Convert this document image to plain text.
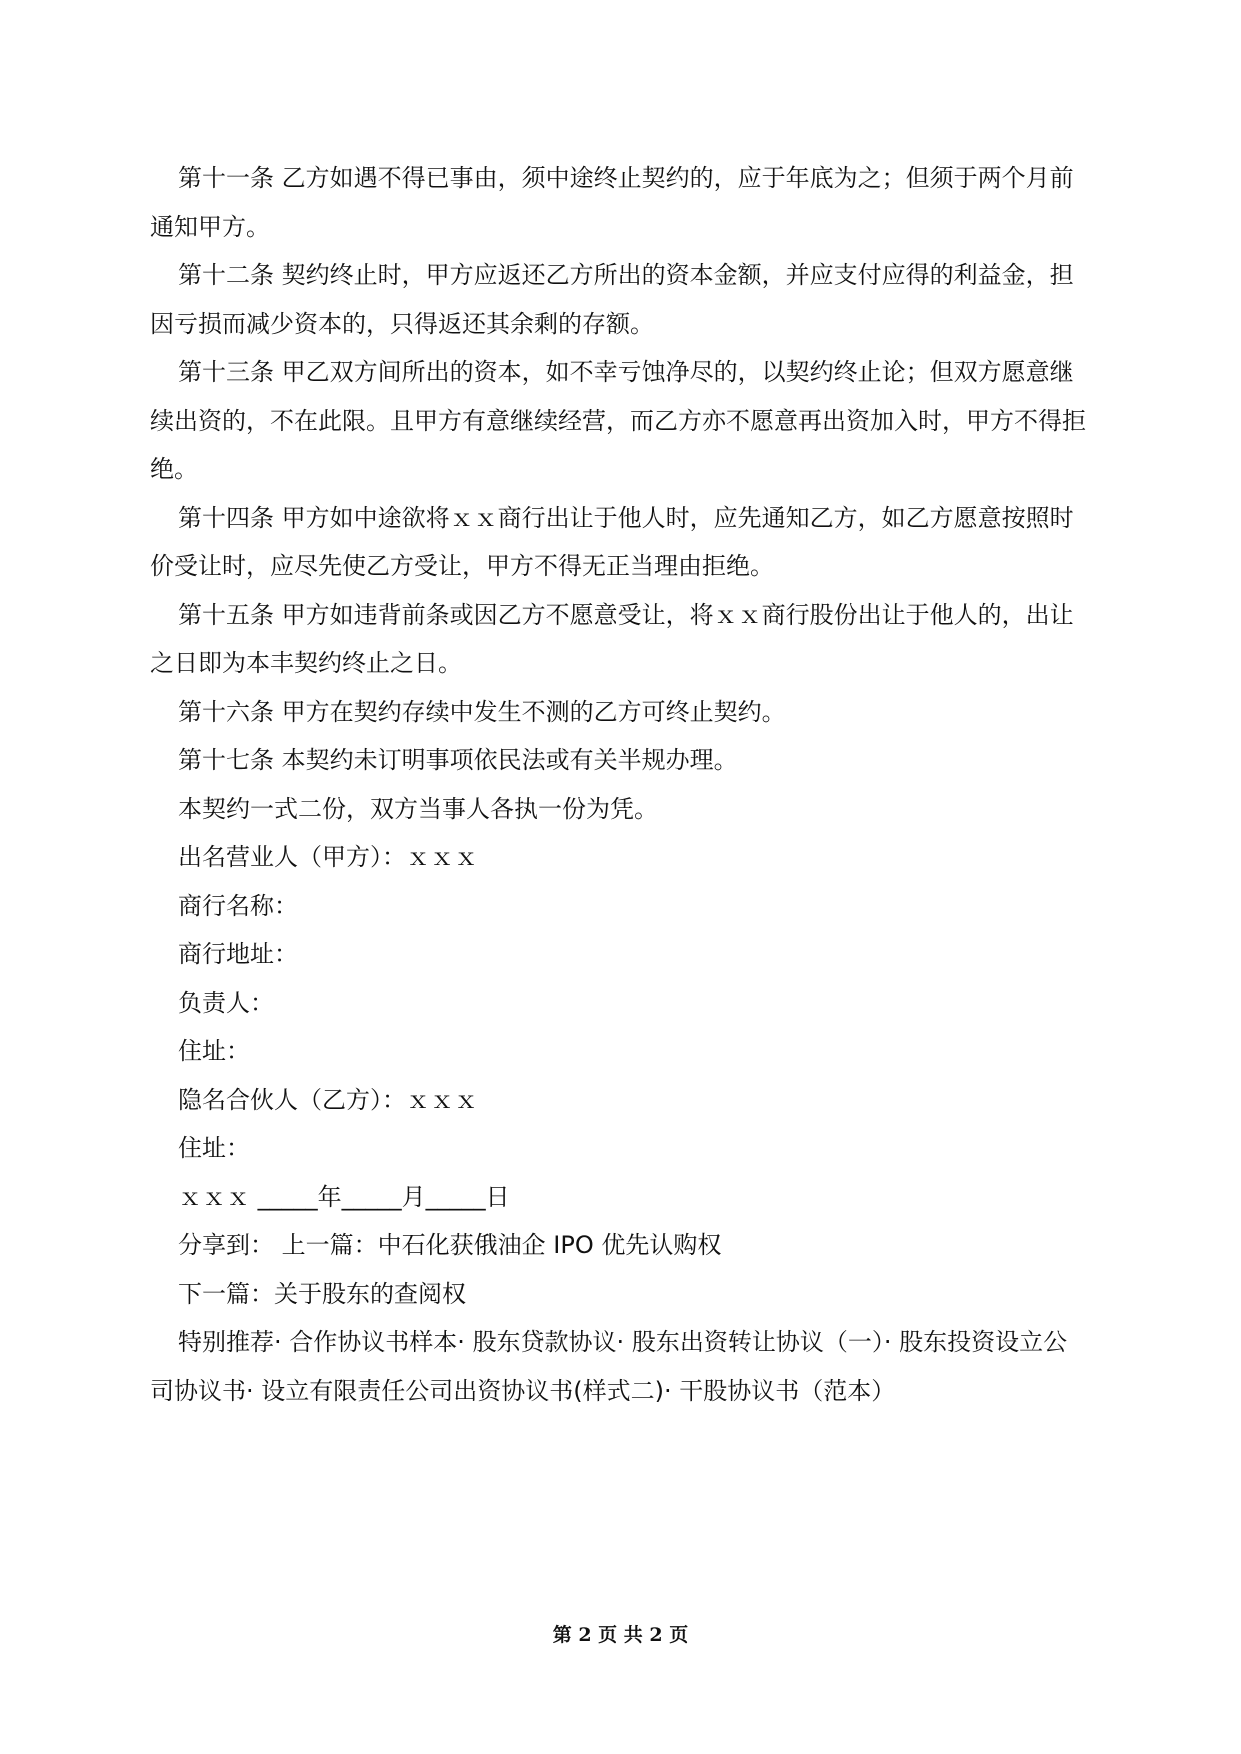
第十一条 乙方如遇不得已事由，须中途终止契约的，应于年底为之；但须于两个月前通知甲方。

第十二条 契约终止时，甲方应返还乙方所出的资本金额，并应支付应得的利益金，担因亏损而减少资本的，只得返还其余剩的存额。

第十三条 甲乙双方间所出的资本，如不幸亏蚀净尽的，以契约终止论；但双方愿意继续出资的，不在此限。且甲方有意继续经营，而乙方亦不愿意再出资加入时，甲方不得拒绝。

第十四条 甲方如中途欲将ｘｘ商行出让于他人时，应先通知乙方，如乙方愿意按照时价受让时，应尽先使乙方受让，甲方不得无正当理由拒绝。

第十五条 甲方如违背前条或因乙方不愿意受让，将ｘｘ商行股份出让于他人的，出让之日即为本丰契约终止之日。

第十六条 甲方在契约存续中发生不测的乙方可终止契约。

第十七条 本契约未订明事项依民法或有关半规办理。

本契约一式二份，双方当事人各执一份为凭。

出名营业人（甲方）：ｘｘｘ

商行名称：

商行地址：

负责人：

住址：

隐名合伙人（乙方）：ｘｘｘ

住址：

ｘｘｘ _____年_____月_____日

分享到： 上一篇：中石化获俄油企 IPO 优先认购权

下一篇：关于股东的查阅权

特别推荐· 合作协议书样本· 股东贷款协议· 股东出资转让协议（一）· 股东投资设立公司协议书· 设立有限责任公司出资协议书(样式二)· 干股协议书（范本）

第 2 页 共 2 页
